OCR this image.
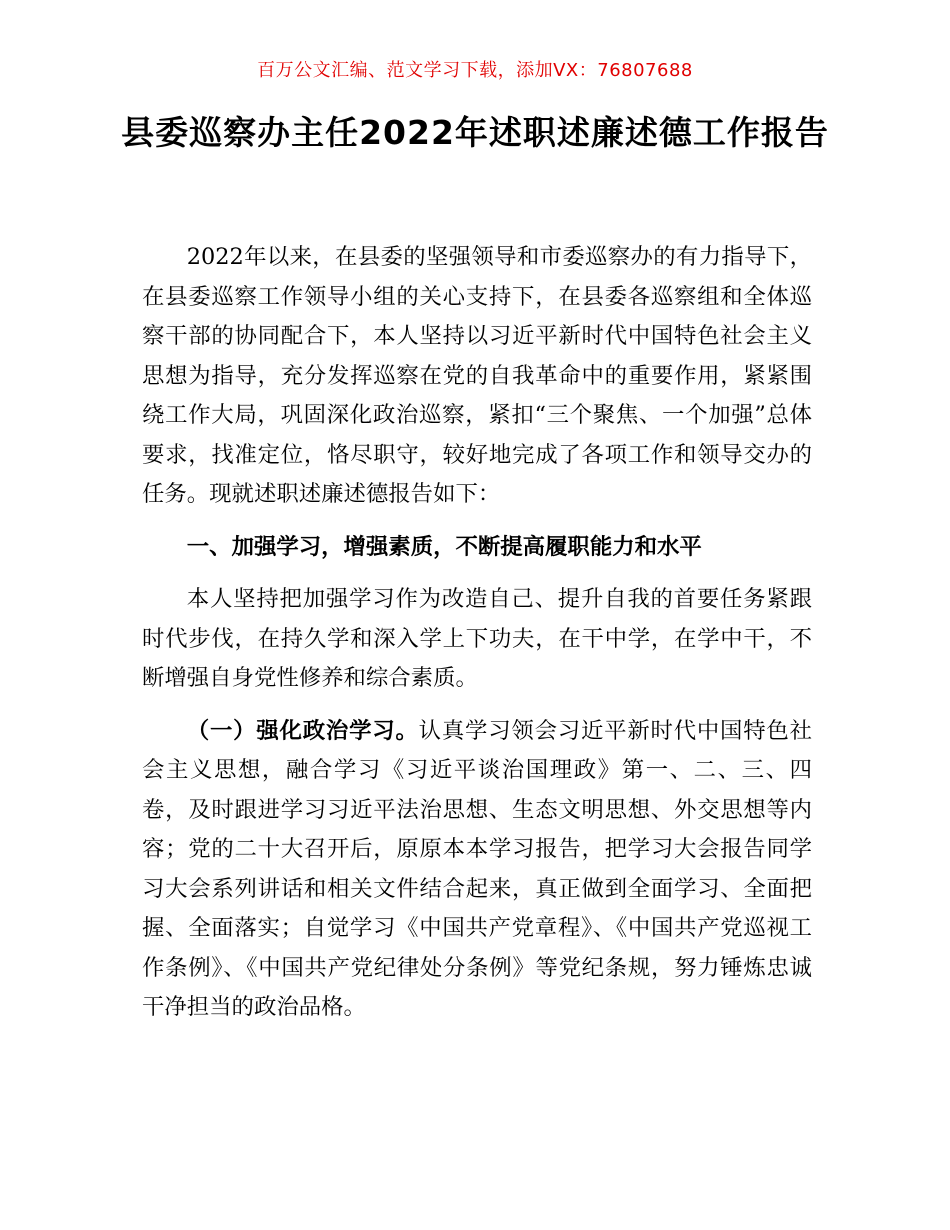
百万公文汇编、范文学习下载，添加VX：76807688
县委巡察办主任2022年述职述廉述德工作报告

2022年以来，在县委的坚强领导和市委巡察办的有力指导下，在县委巡察工作领导小组的关心支持下，在县委各巡察组和全体巡察干部的协同配合下，本人坚持以习近平新时代中国特色社会主义思想为指导，充分发挥巡察在党的自我革命中的重要作用，紧紧围绕工作大局，巩固深化政治巡察，紧扣“三个聚焦、一个加强”总体要求，找准定位，恪尽职守，较好地完成了各项工作和领导交办的任务。现就述职述廉述德报告如下：

一、加强学习，增强素质，不断提高履职能力和水平

本人坚持把加强学习作为改造自己、提升自我的首要任务紧跟时代步伐，在持久学和深入学上下功夫，在干中学，在学中干，不断增强自身党性修养和综合素质。

（一）强化政治学习。认真学习领会习近平新时代中国特色社会主义思想，融合学习《习近平谈治国理政》第一、二、三、四卷，及时跟进学习习近平法治思想、生态文明思想、外交思想等内容；党的二十大召开后，原原本本学习报告，把学习大会报告同学习大会系列讲话和相关文件结合起来，真正做到全面学习、全面把握、全面落实；自觉学习《中国共产党章程》、《中国共产党巡视工作条例》、《中国共产党纪律处分条例》等党纪条规，努力锤炼忠诚干净担当的政治品格。
